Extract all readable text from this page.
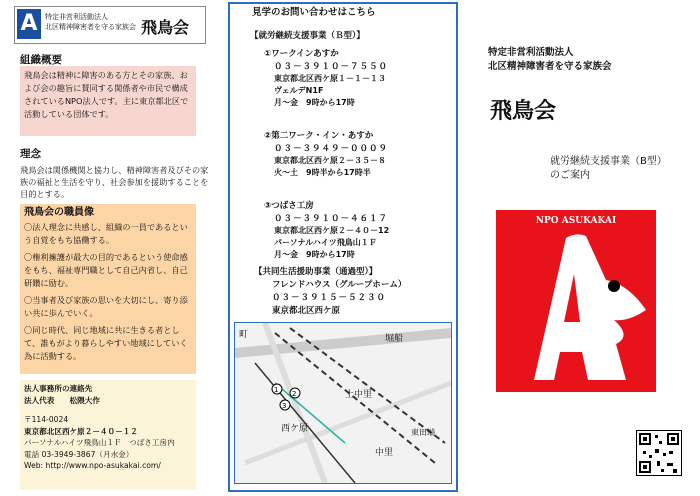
A	特定非営利活動法人
北区精神障害者を守る家族会 飛鳥会
組織概要
飛鳥会は精神に障害のある方とその家族、および会の趣旨に賛同する関係者や市民で構成されているNPO法人です。主に東京都北区で活動している団体です。
理念
飛鳥会は関係機関と協力し、精神障害者及びその家族の福祉と生活を守り、社会参加を援助することを目的とする。
飛鳥会の職員像
〇法人理念に共感し、組織の一員であるという自覚をもち協働する。
〇権利擁護が最大の目的であるという使命感をもち、福祉専門職として自己内省し、自己研鑽に励む。
〇当事者及び家族の思いを大切にし、寄り添い共に歩んでいく。
〇同じ時代、同じ地域に共に生きる者として、誰もがより暮らしやすい地域にしていく為に活動する。
法人事務所の連絡先
法人代表　　松隈大作
〒114-0024
東京都北区西ケ原２－４０－１２
パーソナルハイツ飛鳥山１Ｆ　つばさ工房内
電話 03-3949-3867（月水金）
Web: http://www.npo-asukakai.com/
見学のお問い合わせはこちら
【就労継続支援事業（Ｂ型）】
①ワークインあすか
０３－３９１０－７５５０
東京都北区西ケ原１－１－１３
ヴェルデN1F
月～金　9時から17時
②第二ワーク・イン・あすか
０３－３９４９－０００９
東京都北区西ケ原２－３５－８
火～土　9時半から17時半
③つばさ工房
０３－３９１０－４６１７
東京都北区西ケ原２－４０－12
パーソナルハイツ飛鳥山１Ｆ
月～金　9時から17時
【共同生活援助事業（通過型）】
フレンドハウス（グループホーム）
０３－３９１５－５２３０
東京都北区西ケ原
1
3
2
町	堀船
上中里
西ケ原
中里
東田端
特定非営利活動法人
北区精神障害者を守る家族会
飛鳥会
就労継続支援事業（B型）
のご案内
NPO ASUKAKAI
